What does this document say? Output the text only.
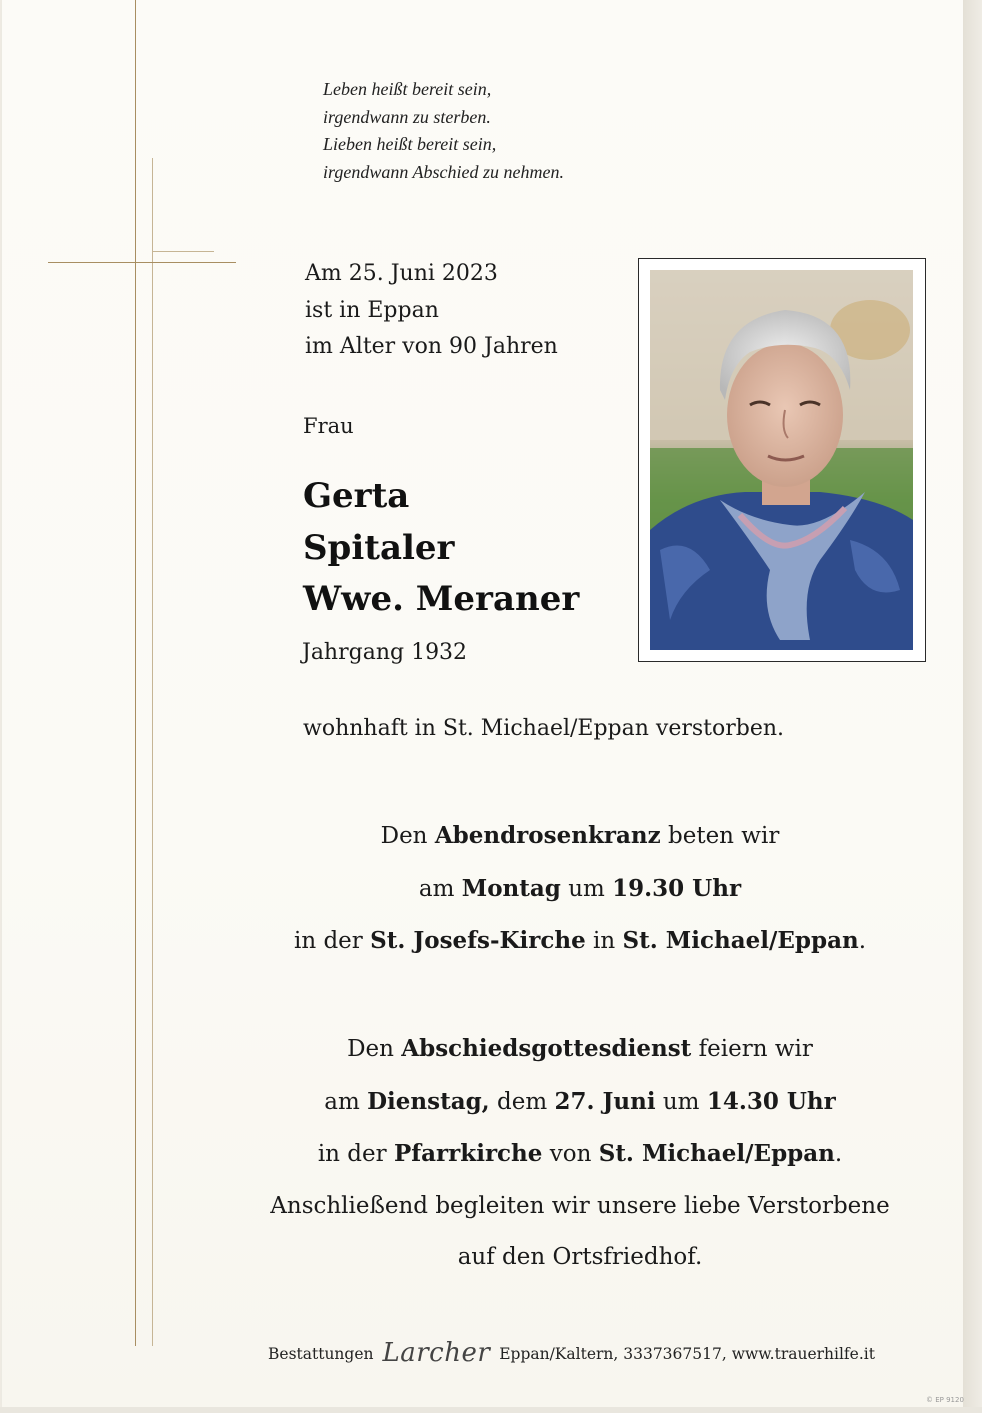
Leben heißt bereit sein,
irgendwann zu sterben.
Lieben heißt bereit sein,
irgendwann Abschied zu nehmen.
Am 25. Juni 2023
ist in Eppan
im Alter von 90 Jahren
Frau
Gerta
Spitaler
Wwe. Meraner
Jahrgang 1932
wohnhaft in St. Michael/Eppan verstorben.
Den Abendrosenkranz beten wir
am Montag um 19.30 Uhr
in der St. Josefs-Kirche in St. Michael/Eppan.
Den Abschiedsgottesdienst feiern wir
am Dienstag, dem 27. Juni um 14.30 Uhr
in der Pfarrkirche von St. Michael/Eppan.
Anschließend begleiten wir unsere liebe Verstorbene
auf den Ortsfriedhof.
Bestattungen Larcher Eppan/Kaltern, 3337367517, www.trauerhilfe.it
© EP 9120
